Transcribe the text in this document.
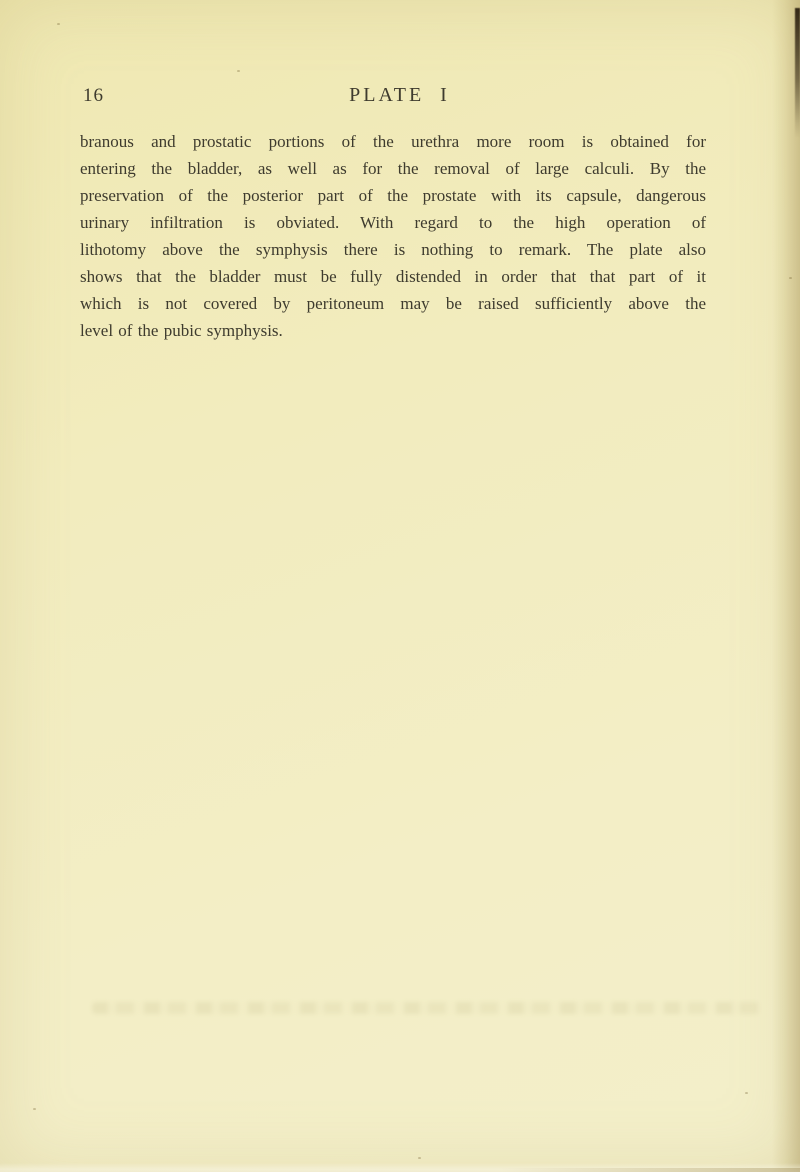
16	PLATE  I
branous and prostatic portions of the urethra more room is obtained for
entering the bladder, as well as for the removal of large calculi. By the
preservation of the posterior part of the prostate with its capsule, dangerous
urinary infiltration is obviated. With regard to the high operation of
lithotomy above the symphysis there is nothing to remark. The plate also
shows that the bladder must be fully distended in order that that part of it
which is not covered by peritoneum may be raised sufficiently above the
level of the pubic symphysis.
